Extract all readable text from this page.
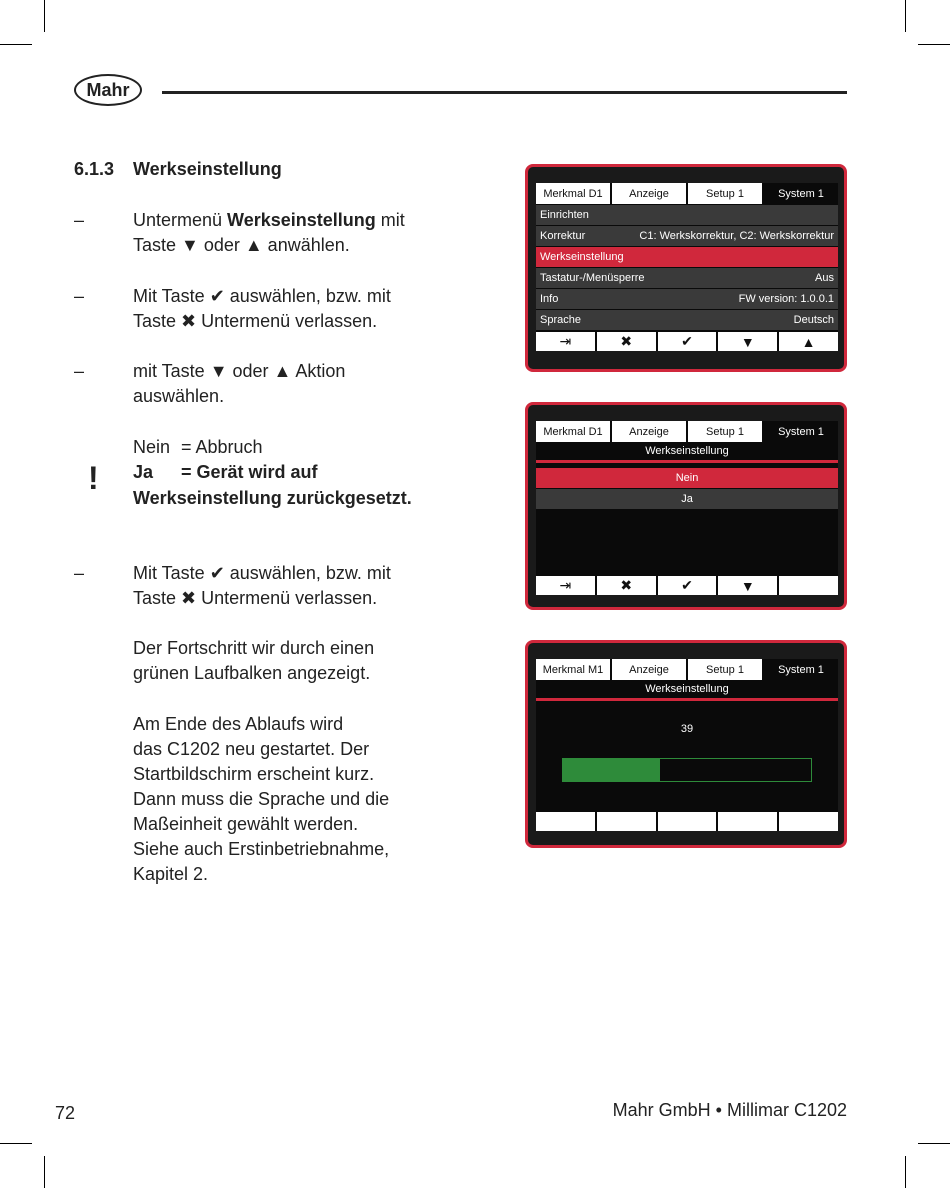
Mahr
6.1.3 Werkseinstellung
–	Untermenü Werkseinstellung mit
Taste ▼ oder ▲ anwählen.
–	Mit Taste ✔ auswählen, bzw. mit
Taste ✖ Untermenü verlassen.
–	mit Taste ▼ oder ▲ Aktion
auswählen.
Nein = Abbruch
! Ja = Gerät wird auf
Werkseinstellung zurückgesetzt.
–	Mit Taste ✔ auswählen, bzw. mit
Taste ✖ Untermenü verlassen.
Der Fortschritt wir durch einen
grünen Laufbalken angezeigt.
Am Ende des Ablaufs wird
das C1202 neu gestartet. Der
Startbildschirm erscheint kurz.
Dann muss die Sprache und die
Maßeinheit gewählt werden.
Siehe auch Erstinbetriebnahme,
Kapitel 2.
Merkmal D1	Anzeige	Setup 1	System 1
Einrichten
Korrektur	C1: Werkskorrektur, C2: Werkskorrektur
Werkseinstellung
Tastatur-/Menüsperre	Aus
Info	FW version: 1.0.0.1
Sprache	Deutsch
⇥	✖	✔	▼	▲
Merkmal D1	Anzeige	Setup 1	System 1
Werkseinstellung
Nein
Ja
⇥	✖	✔	▼
Merkmal M1	Anzeige	Setup 1	System 1
Werkseinstellung
39
72	Mahr GmbH • Millimar C1202
